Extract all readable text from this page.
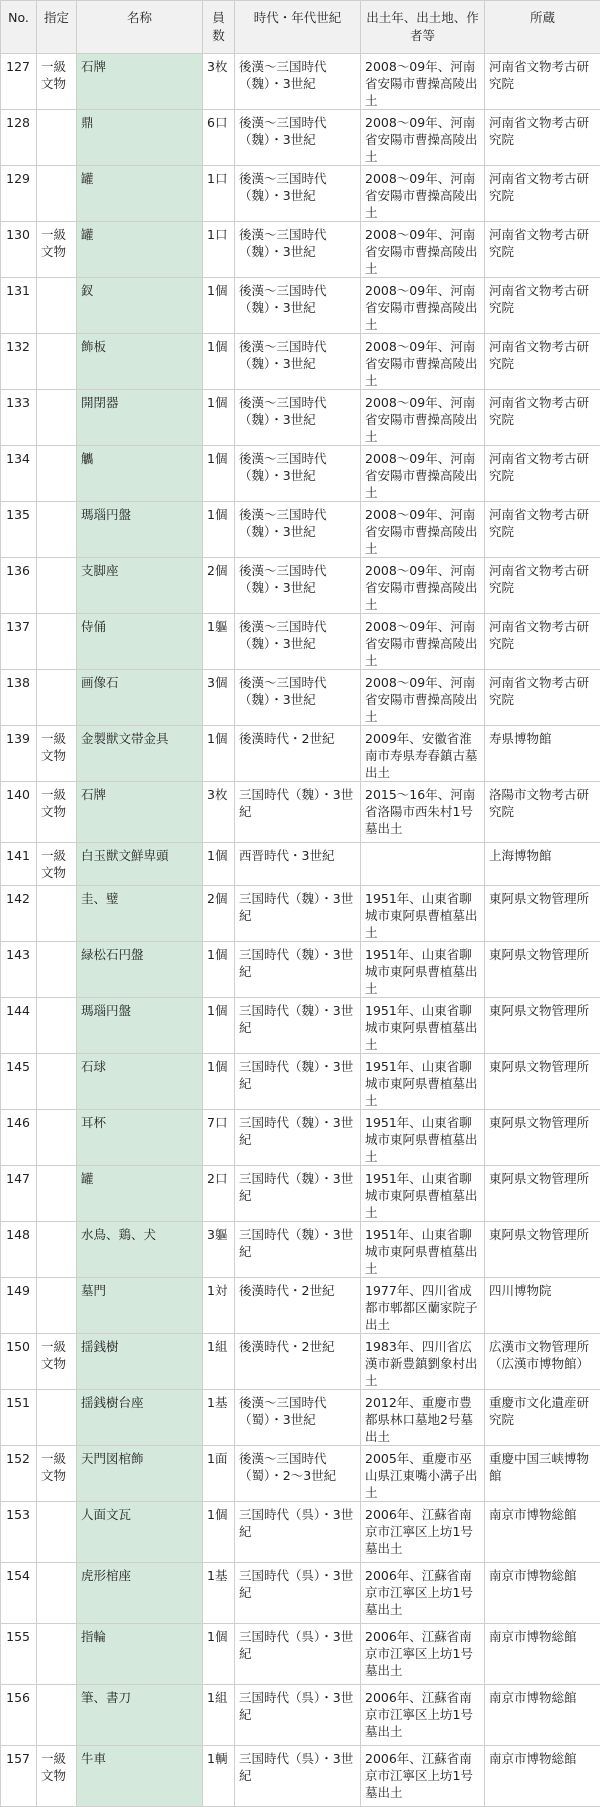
No.	指定	名称	員数	時代・年代世紀	出土年、出土地、作者等	所蔵
127	一級文物	石牌	3枚	後漢～三国時代（魏）・3世紀	2008～09年、河南省安陽市曹操高陵出土	河南省文物考古研究院
128		鼎	6口	後漢～三国時代（魏）・3世紀	2008～09年、河南省安陽市曹操高陵出土	河南省文物考古研究院
129		罐	1口	後漢～三国時代（魏）・3世紀	2008～09年、河南省安陽市曹操高陵出土	河南省文物考古研究院
130	一級文物	罐	1口	後漢～三国時代（魏）・3世紀	2008～09年、河南省安陽市曹操高陵出土	河南省文物考古研究院
131		釵	1個	後漢～三国時代（魏）・3世紀	2008～09年、河南省安陽市曹操高陵出土	河南省文物考古研究院
132		飾板	1個	後漢～三国時代（魏）・3世紀	2008～09年、河南省安陽市曹操高陵出土	河南省文物考古研究院
133		開閉器	1個	後漢～三国時代（魏）・3世紀	2008～09年、河南省安陽市曹操高陵出土	河南省文物考古研究院
134		觿	1個	後漢～三国時代（魏）・3世紀	2008～09年、河南省安陽市曹操高陵出土	河南省文物考古研究院
135		瑪瑙円盤	1個	後漢～三国時代（魏）・3世紀	2008～09年、河南省安陽市曹操高陵出土	河南省文物考古研究院
136		支脚座	2個	後漢～三国時代（魏）・3世紀	2008～09年、河南省安陽市曹操高陵出土	河南省文物考古研究院
137		侍俑	1軀	後漢～三国時代（魏）・3世紀	2008～09年、河南省安陽市曹操高陵出土	河南省文物考古研究院
138		画像石	3個	後漢～三国時代（魏）・3世紀	2008～09年、河南省安陽市曹操高陵出土	河南省文物考古研究院
139	一級文物	金製獣文帯金具	1個	後漢時代・2世紀	2009年、安徽省淮南市寿県寿春鎮古墓出土	寿県博物館
140	一級文物	石牌	3枚	三国時代（魏）・3世紀	2015～16年、河南省洛陽市西朱村1号墓出土	洛陽市文物考古研究院
141	一級文物	白玉獣文鮮卑頭	1個	西晋時代・3世紀		上海博物館
142		圭、璧	2個	三国時代（魏）・3世紀	1951年、山東省聊城市東阿県曹植墓出土	東阿県文物管理所
143		緑松石円盤	1個	三国時代（魏）・3世紀	1951年、山東省聊城市東阿県曹植墓出土	東阿県文物管理所
144		瑪瑙円盤	1個	三国時代（魏）・3世紀	1951年、山東省聊城市東阿県曹植墓出土	東阿県文物管理所
145		石球	1個	三国時代（魏）・3世紀	1951年、山東省聊城市東阿県曹植墓出土	東阿県文物管理所
146		耳杯	7口	三国時代（魏）・3世紀	1951年、山東省聊城市東阿県曹植墓出土	東阿県文物管理所
147		罐	2口	三国時代（魏）・3世紀	1951年、山東省聊城市東阿県曹植墓出土	東阿県文物管理所
148		水鳥、鶏、犬	3軀	三国時代（魏）・3世紀	1951年、山東省聊城市東阿県曹植墓出土	東阿県文物管理所
149		墓門	1対	後漢時代・2世紀	1977年、四川省成都市郫都区蘭家院子出土	四川博物院
150	一級文物	揺銭樹	1組	後漢時代・2世紀	1983年、四川省広漢市新豊鎮劉象村出土	広漢市文物管理所（広漢市博物館）
151		揺銭樹台座	1基	後漢～三国時代（蜀）・3世紀	2012年、重慶市豊都県林口墓地2号墓出土	重慶市文化遺産研究院
152	一級文物	天門図棺飾	1面	後漢～三国時代（蜀）・2～3世紀	2005年、重慶市巫山県江東嘴小溝子出土	重慶中国三峡博物館
153		人面文瓦	1個	三国時代（呉）・3世紀	2006年、江蘇省南京市江寧区上坊1号墓出土	南京市博物総館
154		虎形棺座	1基	三国時代（呉）・3世紀	2006年、江蘇省南京市江寧区上坊1号墓出土	南京市博物総館
155		指輪	1個	三国時代（呉）・3世紀	2006年、江蘇省南京市江寧区上坊1号墓出土	南京市博物総館
156		筆、書刀	1組	三国時代（呉）・3世紀	2006年、江蘇省南京市江寧区上坊1号墓出土	南京市博物総館
157	一級文物	牛車	1輌	三国時代（呉）・3世紀	2006年、江蘇省南京市江寧区上坊1号墓出土	南京市博物総館
